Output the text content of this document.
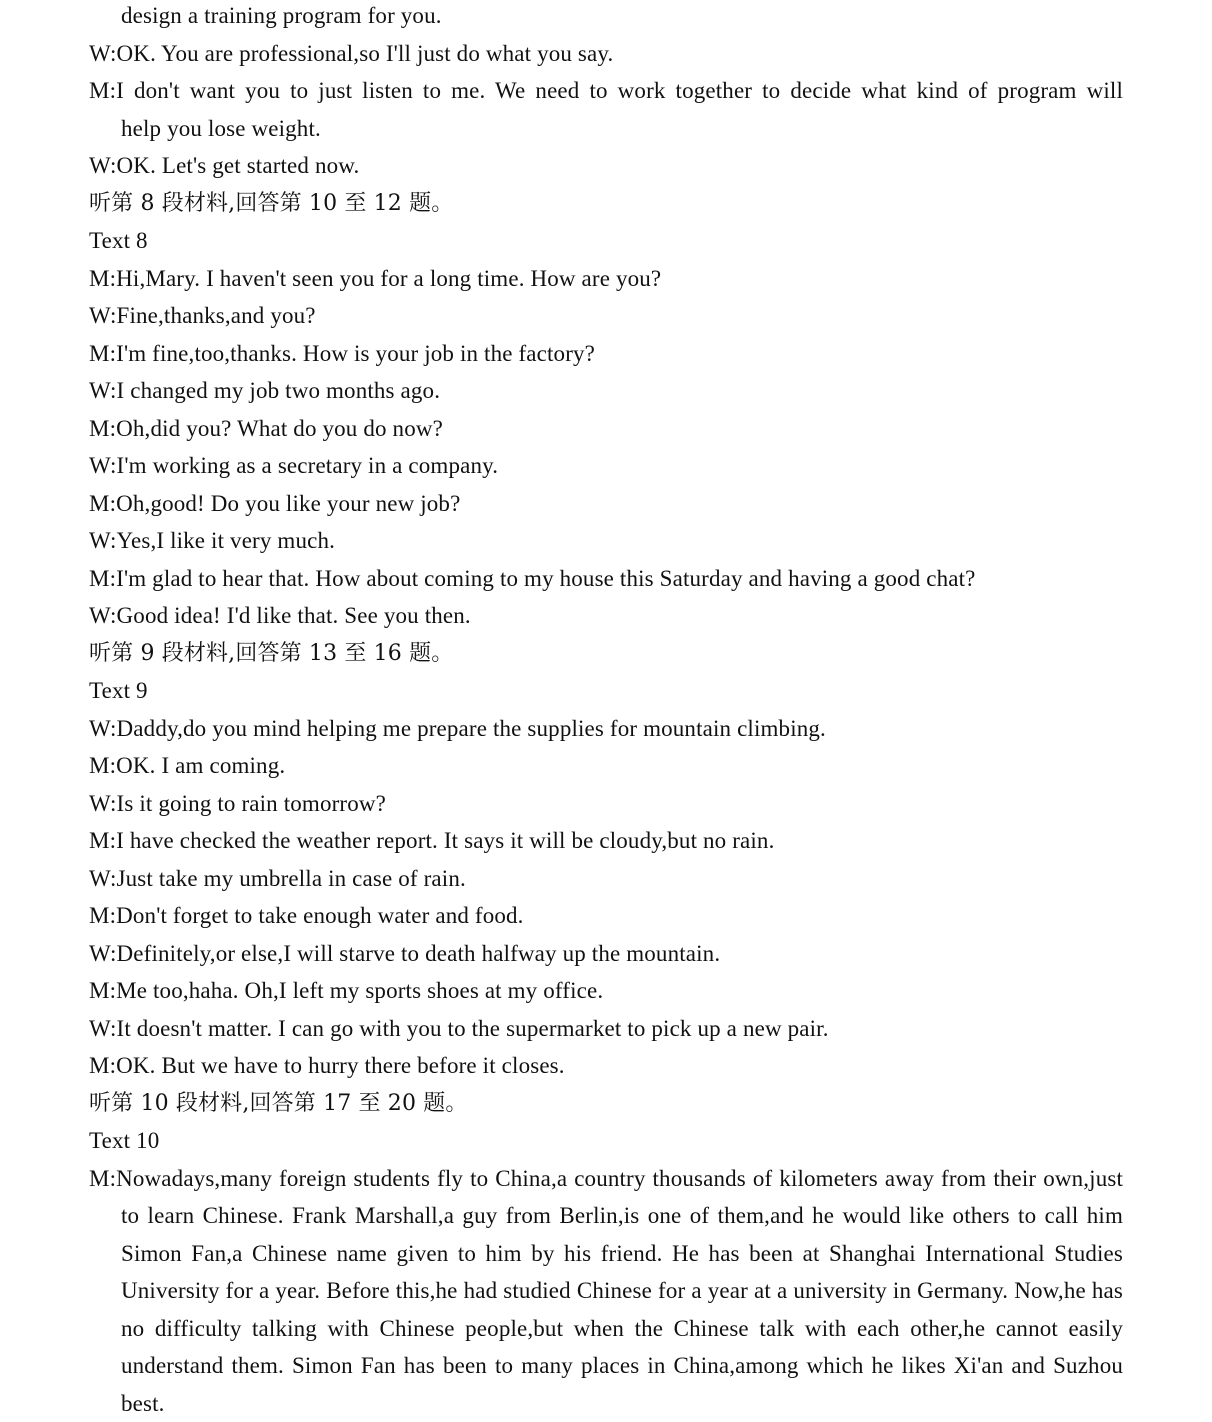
design a training program for you.
W:OK. You are professional,so I'll just do what you say.
M:I don't want you to just listen to me. We need to work together to decide what kind of program will
help you lose weight.
W:OK. Let's get started now.
听第 8 段材料,回答第 10 至 12 题。
Text 8
M:Hi,Mary. I haven't seen you for a long time. How are you?
W:Fine,thanks,and you?
M:I'm fine,too,thanks. How is your job in the factory?
W:I changed my job two months ago.
M:Oh,did you? What do you do now?
W:I'm working as a secretary in a company.
M:Oh,good! Do you like your new job?
W:Yes,I like it very much.
M:I'm glad to hear that. How about coming to my house this Saturday and having a good chat?
W:Good idea! I'd like that. See you then.
听第 9 段材料,回答第 13 至 16 题。
Text 9
W:Daddy,do you mind helping me prepare the supplies for mountain climbing.
M:OK. I am coming.
W:Is it going to rain tomorrow?
M:I have checked the weather report. It says it will be cloudy,but no rain.
W:Just take my umbrella in case of rain.
M:Don't forget to take enough water and food.
W:Definitely,or else,I will starve to death halfway up the mountain.
M:Me too,haha. Oh,I left my sports shoes at my office.
W:It doesn't matter. I can go with you to the supermarket to pick up a new pair.
M:OK. But we have to hurry there before it closes.
听第 10 段材料,回答第 17 至 20 题。
Text 10
M:Nowadays,many foreign students fly to China,a country thousands of kilometers away from their own,just to learn Chinese. Frank Marshall,a guy from Berlin,is one of them,and he would like others to call him Simon Fan,a Chinese name given to him by his friend. He has been at Shanghai International Studies University for a year. Before this,he had studied Chinese for a year at a university in Germany. Now,he has no difficulty talking with Chinese people,but when the Chinese talk with each other,he cannot easily understand them. Simon Fan has been to many places in China,among which he likes Xi'an and Suzhou best.
